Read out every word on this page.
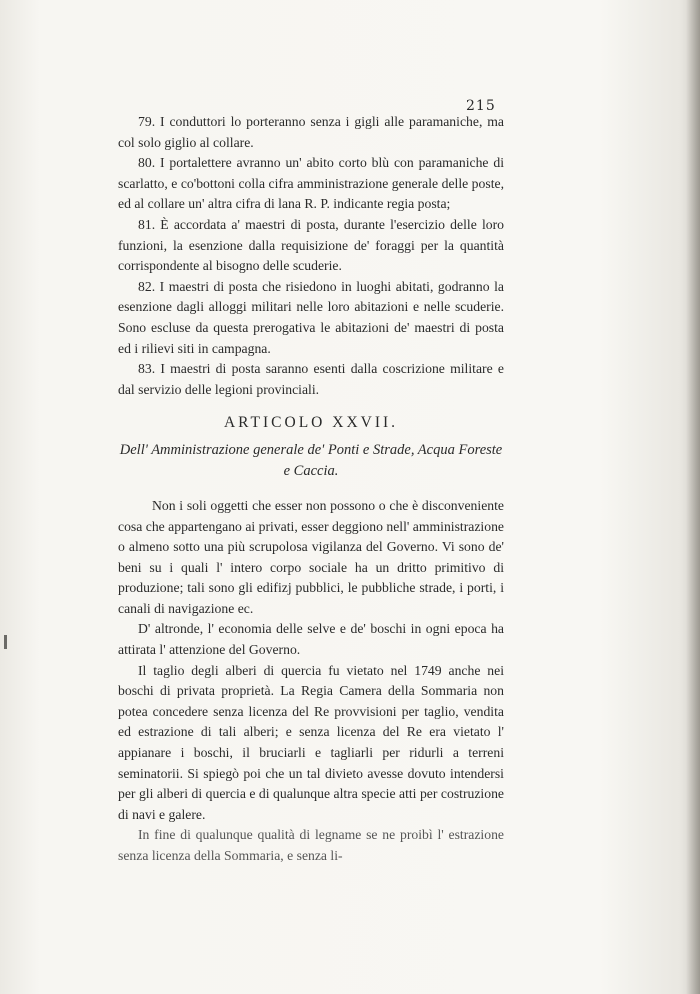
215

79. I conduttori lo porteranno senza i gigli alle paramaniche, ma col solo giglio al collare.

80. I portalettere avranno un' abito corto blù con paramaniche di scarlatto, e co'bottoni colla cifra amministrazione generale delle poste, ed al collare un' altra cifra di lana R. P. indicante regia posta;

81. È accordata a' maestri di posta, durante l'esercizio delle loro funzioni, la esenzione dalla requisizione de' foraggi per la quantità corrispondente al bisogno delle scuderie.

82. I maestri di posta che risiedono in luoghi abitati, godranno la esenzione dagli alloggi militari nelle loro abitazioni e nelle scuderie. Sono escluse da questa prerogativa le abitazioni de' maestri di posta ed i rilievi siti in campagna.

83. I maestri di posta saranno esenti dalla coscrizione militare e dal servizio delle legioni provinciali.

ARTICOLO XXVII.
Dell' Amministrazione generale de' Ponti e Strade, Acqua Foreste e Caccia.

Non i soli oggetti che esser non possono o che è disconveniente cosa che appartengano ai privati, esser deggiono nell' amministrazione o almeno sotto una più scrupolosa vigilanza del Governo. Vi sono de' beni su i quali l' intero corpo sociale ha un dritto primitivo di produzione; tali sono gli edifizj pubblici, le pubbliche strade, i porti, i canali di navigazione ec.

D' altronde, l' economia delle selve e de' boschi in ogni epoca ha attirata l' attenzione del Governo.

Il taglio degli alberi di quercia fu vietato nel 1749 anche nei boschi di privata proprietà. La Regia Camera della Sommaria non potea concedere senza licenza del Re provvisioni per taglio, vendita ed estrazione di tali alberi; e senza licenza del Re era vietato l' appianare i boschi, il bruciarli e tagliarli per ridurli a terreni seminatorii. Si spiegò poi che un tal divieto avesse dovuto intendersi per gli alberi di quercia e di qualunque altra specie atti per costruzione di navi e galere.

In fine di qualunque qualità di legname se ne proibì l' estrazione senza licenza della Sommaria, e senza li-
